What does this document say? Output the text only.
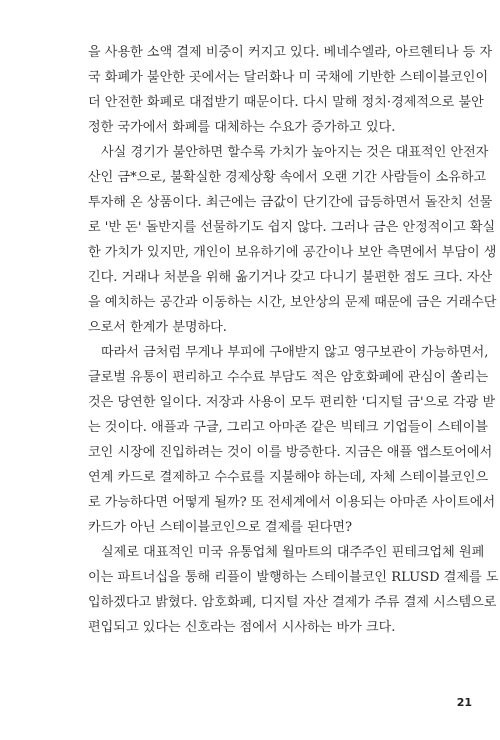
을 사용한 소액 결제 비중이 커지고 있다. 베네수엘라, 아르헨티나 등 자
국 화폐가 불안한 곳에서는 달러화나 미 국채에 기반한 스테이블코인이
더 안전한 화폐로 대접받기 때문이다. 다시 말해 정치·경제적으로 불안
정한 국가에서 화폐를 대체하는 수요가 증가하고 있다.
사실 경기가 불안하면 할수록 가치가 높아지는 것은 대표적인 안전자
산인 금*으로, 불확실한 경제상황 속에서 오랜 기간 사람들이 소유하고
투자해 온 상품이다. 최근에는 금값이 단기간에 급등하면서 돌잔치 선물
로 '반 돈' 돌반지를 선물하기도 쉽지 않다. 그러나 금은 안정적이고 확실
한 가치가 있지만, 개인이 보유하기에 공간이나 보안 측면에서 부담이 생
긴다. 거래나 처분을 위해 옮기거나 갖고 다니기 불편한 점도 크다. 자산
을 예치하는 공간과 이동하는 시간, 보안상의 문제 때문에 금은 거래수단
으로서 한계가 분명하다.
따라서 금처럼 무게나 부피에 구애받지 않고 영구보관이 가능하면서,
글로벌 유통이 편리하고 수수료 부담도 적은 암호화폐에 관심이 쏠리는
것은 당연한 일이다. 저장과 사용이 모두 편리한 '디지털 금'으로 각광 받
는 것이다. 애플과 구글, 그리고 아마존 같은 빅테크 기업들이 스테이블
코인 시장에 진입하려는 것이 이를 방증한다. 지금은 애플 앱스토어에서
연계 카드로 결제하고 수수료를 지불해야 하는데, 자체 스테이블코인으
로 가능하다면 어떻게 될까? 또 전세계에서 이용되는 아마존 사이트에서
카드가 아닌 스테이블코인으로 결제를 된다면?
실제로 대표적인 미국 유통업체 월마트의 대주주인 핀테크업체 원페
이는 파트너십을 통해 리플이 발행하는 스테이블코인 RLUSD 결제를 도
입하겠다고 밝혔다. 암호화폐, 디지털 자산 결제가 주류 결제 시스템으로
편입되고 있다는 신호라는 점에서 시사하는 바가 크다.
21
